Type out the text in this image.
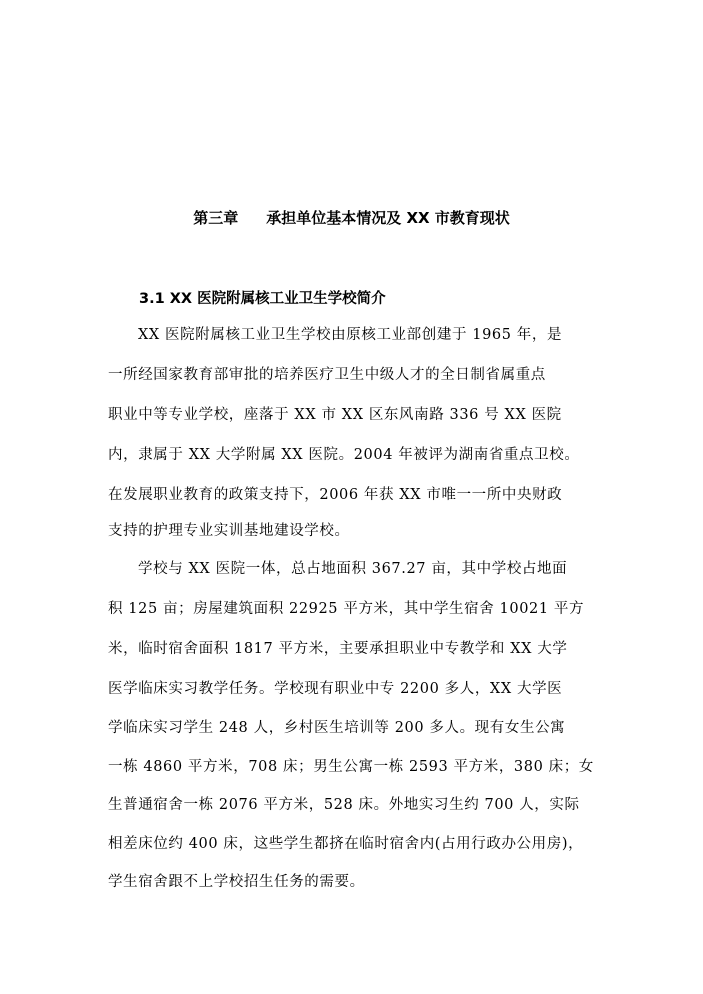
第三章 承担单位基本情况及 XX 市教育现状
3.1 XX 医院附属核工业卫生学校简介
XX 医院附属核工业卫生学校由原核工业部创建于 1965 年，是
一所经国家教育部审批的培养医疗卫生中级人才的全日制省属重点
职业中等专业学校，座落于 XX 市 XX 区东风南路 336 号 XX 医院
内，隶属于 XX 大学附属 XX 医院。2004 年被评为湖南省重点卫校。
在发展职业教育的政策支持下，2006 年获 XX 市唯一一所中央财政
支持的护理专业实训基地建设学校。
学校与 XX 医院一体，总占地面积 367.27 亩，其中学校占地面
积 125 亩；房屋建筑面积 22925 平方米，其中学生宿舍 10021 平方
米，临时宿舍面积 1817 平方米，主要承担职业中专教学和 XX 大学
医学临床实习教学任务。学校现有职业中专 2200 多人，XX 大学医
学临床实习学生 248 人，乡村医生培训等 200 多人。现有女生公寓
一栋 4860 平方米，708 床；男生公寓一栋 2593 平方米，380 床；女
生普通宿舍一栋 2076 平方米，528 床。外地实习生约 700 人，实际
相差床位约 400 床，这些学生都挤在临时宿舍内(占用行政办公用房)，
学生宿舍跟不上学校招生任务的需要。
